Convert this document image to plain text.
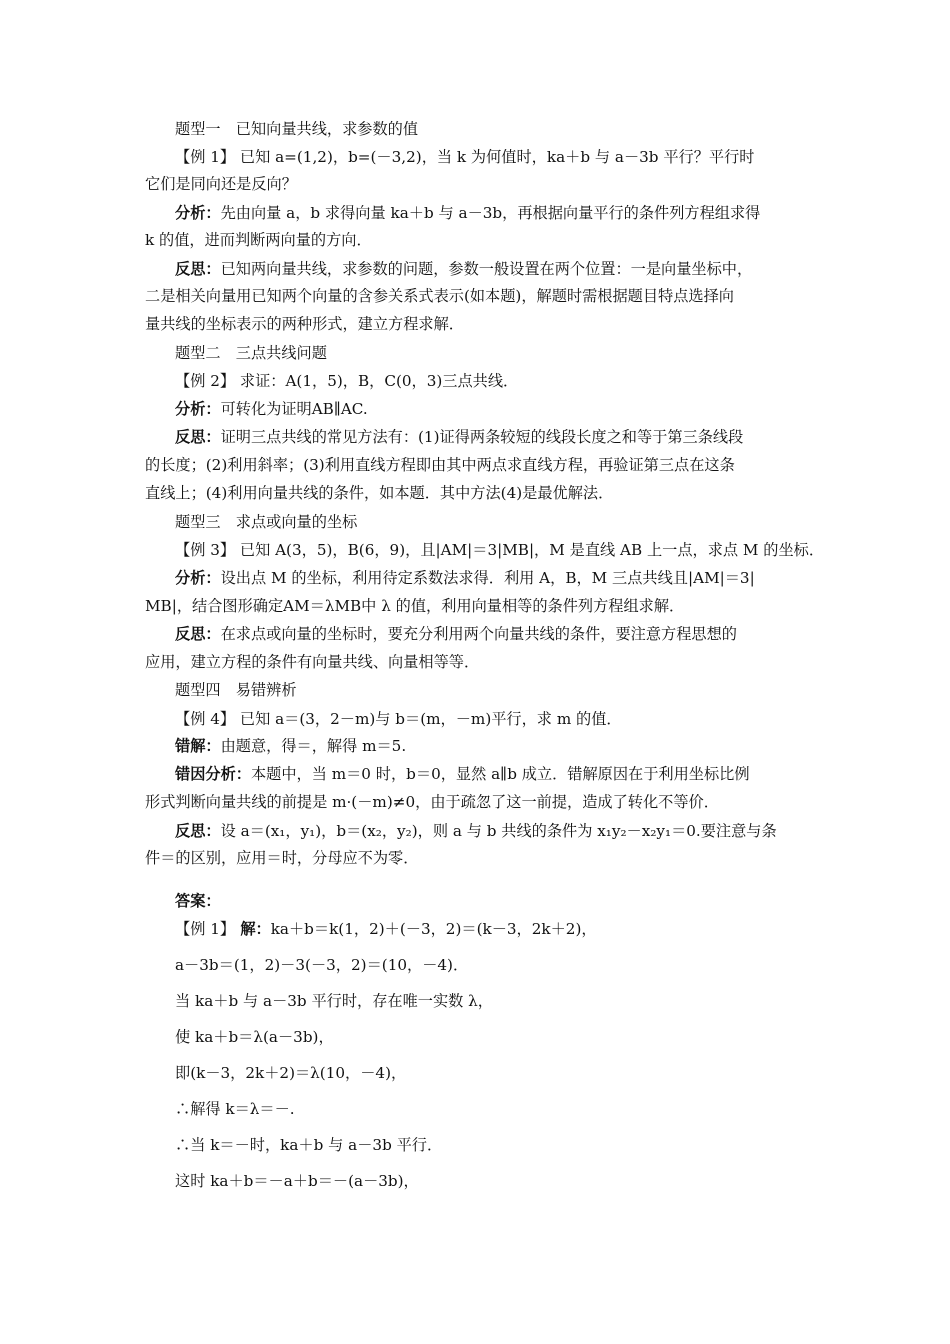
题型一　已知向量共线，求参数的值
【例 1】 已知 a=(1,2)，b=(－3,2)，当 k 为何值时，ka＋b 与 a－3b 平行？平行时
它们是同向还是反向？
分析：先由向量 a，b 求得向量 ka＋b 与 a－3b，再根据向量平行的条件列方程组求得
k 的值，进而判断两向量的方向．
反思：已知两向量共线，求参数的问题，参数一般设置在两个位置：一是向量坐标中，
二是相关向量用已知两个向量的含参关系式表示(如本题)，解题时需根据题目特点选择向
量共线的坐标表示的两种形式，建立方程求解．
题型二　三点共线问题
【例 2】 求证：A(1，5)，B，C(0，3)三点共线．
分析：可转化为证明AB∥AC.
反思：证明三点共线的常见方法有：(1)证得两条较短的线段长度之和等于第三条线段
的长度；(2)利用斜率；(3)利用直线方程即由其中两点求直线方程，再验证第三点在这条
直线上；(4)利用向量共线的条件，如本题．其中方法(4)是最优解法．
题型三　求点或向量的坐标
【例 3】 已知 A(3，5)，B(6，9)，且|AM|＝3|MB|，M 是直线 AB 上一点，求点 M 的坐标．
分析：设出点 M 的坐标，利用待定系数法求得．利用 A，B，M 三点共线且|AM|＝3|
MB|，结合图形确定AM＝λMB中 λ 的值，利用向量相等的条件列方程组求解．
反思：在求点或向量的坐标时，要充分利用两个向量共线的条件，要注意方程思想的
应用，建立方程的条件有向量共线、向量相等等．
题型四　易错辨析
【例 4】 已知 a＝(3，2－m)与 b＝(m，－m)平行，求 m 的值．
错解：由题意，得＝，解得 m＝5.
错因分析：本题中，当 m＝0 时，b＝0，显然 a∥b 成立．错解原因在于利用坐标比例
形式判断向量共线的前提是 m·(－m)≠0，由于疏忽了这一前提，造成了转化不等价．
反思：设 a＝(x₁，y₁)，b＝(x₂，y₂)，则 a 与 b 共线的条件为 x₁y₂－x₂y₁＝0.要注意与条
件＝的区别，应用＝时，分母应不为零．
答案：
【例 1】 解：ka＋b＝k(1，2)＋(－3，2)＝(k－3，2k＋2)，
a－3b＝(1，2)－3(－3，2)＝(10，－4)．
当 ka＋b 与 a－3b 平行时，存在唯一实数 λ，
使 ka＋b＝λ(a－3b)，
即(k－3，2k＋2)＝λ(10，－4)，
∴解得 k＝λ＝－.
∴当 k＝－时，ka＋b 与 a－3b 平行．
这时 ka＋b＝－a＋b＝－(a－3b)，
